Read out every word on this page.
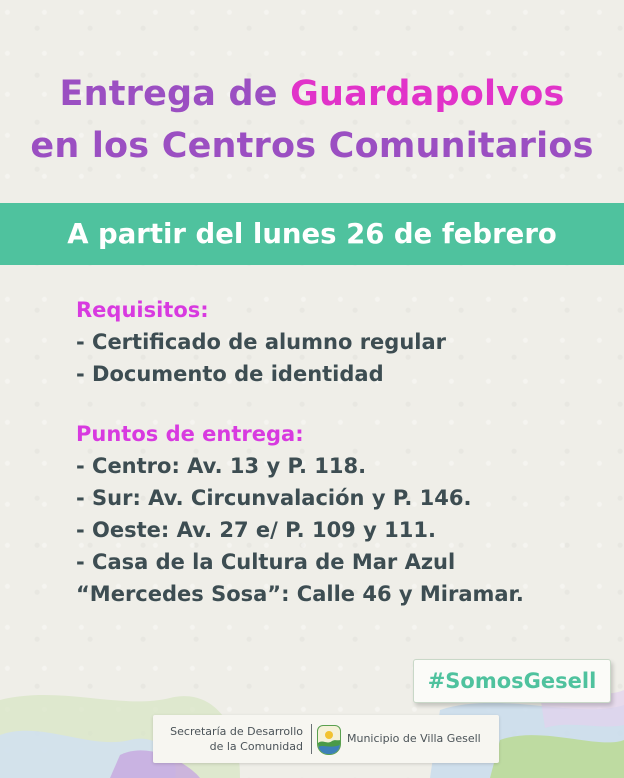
Entrega de Guardapolvos
en los Centros Comunitarios
A partir del lunes 26 de febrero
Requisitos:
- Certificado de alumno regular
- Documento de identidad
Puntos de entrega:
- Centro: Av. 13 y P. 118.
- Sur: Av. Circunvalación y P. 146.
- Oeste: Av. 27 e/ P. 109 y 111.
- Casa de la Cultura de Mar Azul
“Mercedes Sosa”: Calle 46 y Miramar.
#SomosGesell
Secretaría de Desarrollo
de la Comunidad
Municipio de Villa Gesell
